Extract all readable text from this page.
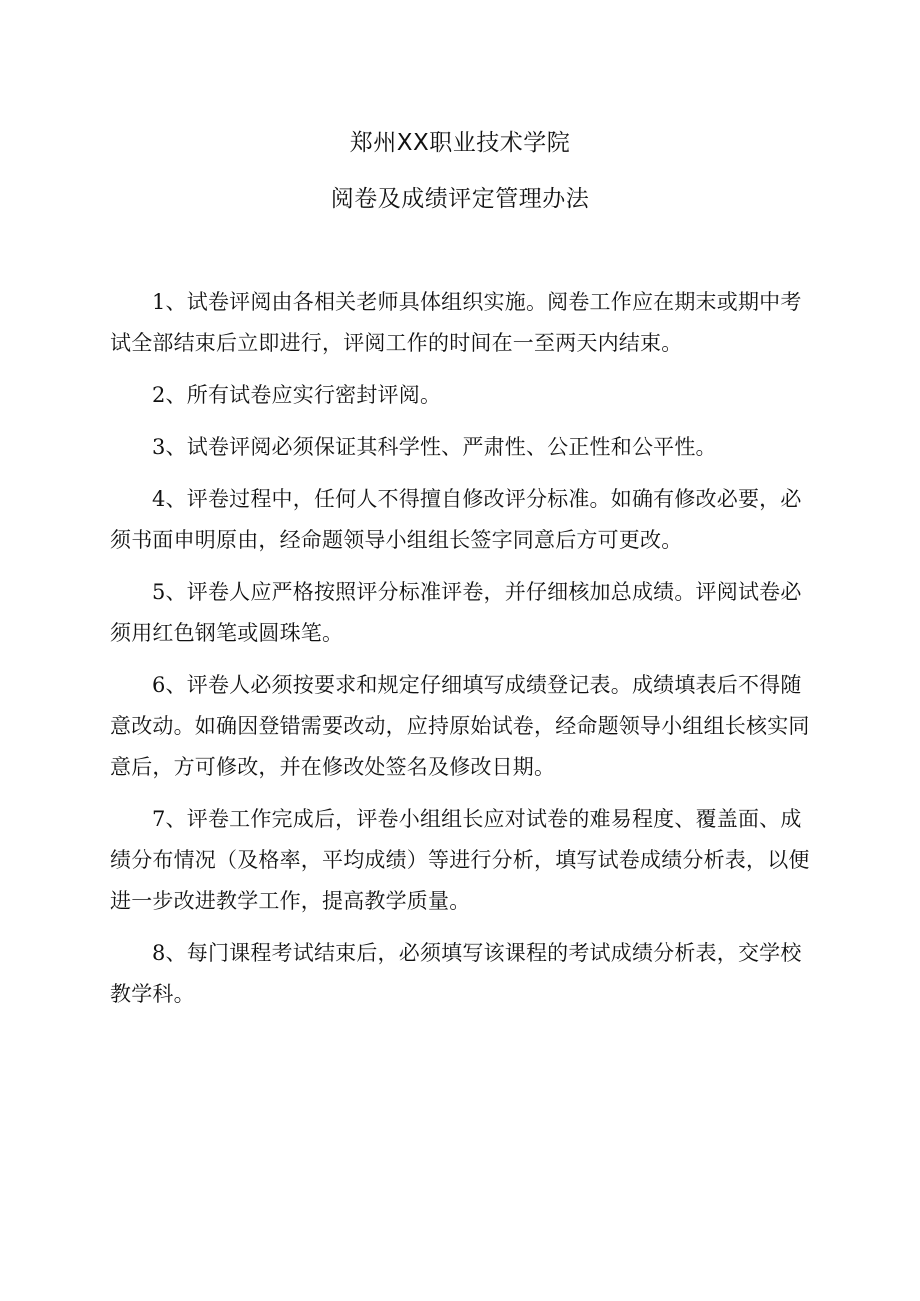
郑州XX职业技术学院
阅卷及成绩评定管理办法

1、试卷评阅由各相关老师具体组织实施。阅卷工作应在期末或期中考
试全部结束后立即进行，评阅工作的时间在一至两天内结束。

2、所有试卷应实行密封评阅。

3、试卷评阅必须保证其科学性、严肃性、公正性和公平性。

4、评卷过程中，任何人不得擅自修改评分标准。如确有修改必要，必
须书面申明原由，经命题领导小组组长签字同意后方可更改。

5、评卷人应严格按照评分标准评卷，并仔细核加总成绩。评阅试卷必
须用红色钢笔或圆珠笔。

6、评卷人必须按要求和规定仔细填写成绩登记表。成绩填表后不得随
意改动。如确因登错需要改动，应持原始试卷，经命题领导小组组长核实同
意后，方可修改，并在修改处签名及修改日期。

7、评卷工作完成后，评卷小组组长应对试卷的难易程度、覆盖面、成
绩分布情况（及格率，平均成绩）等进行分析，填写试卷成绩分析表，以便
进一步改进教学工作，提高教学质量。

8、每门课程考试结束后，必须填写该课程的考试成绩分析表，交学校
教学科。
